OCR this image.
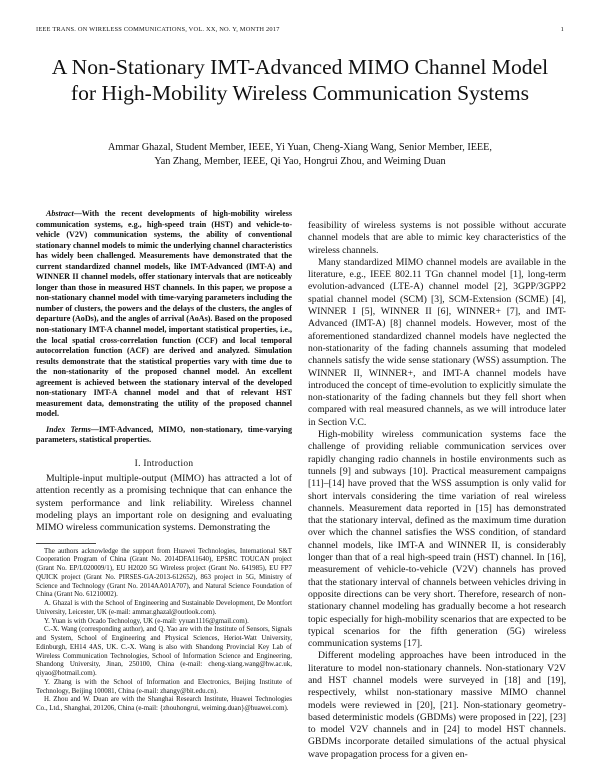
IEEE TRANS. ON WIRELESS COMMUNICATIONS, VOL. XX, NO. Y, MONTH 2017	1
A Non-Stationary IMT-Advanced MIMO Channel Model for High-Mobility Wireless Communication Systems
Ammar Ghazal, Student Member, IEEE, Yi Yuan, Cheng-Xiang Wang, Senior Member, IEEE,
Yan Zhang, Member, IEEE, Qi Yao, Hongrui Zhou, and Weiming Duan

Abstract—With the recent developments of high-mobility wireless communication systems, e.g., high-speed train (HST) and vehicle-to-vehicle (V2V) communication systems, the ability of conventional stationary channel models to mimic the underlying channel characteristics has widely been challenged. Measurements have demonstrated that the current standardized channel models, like IMT-Advanced (IMT-A) and WINNER II channel models, offer stationary intervals that are noticeably longer than those in measured HST channels. In this paper, we propose a non-stationary channel model with time-varying parameters including the number of clusters, the powers and the delays of the clusters, the angles of departure (AoDs), and the angles of arrival (AoAs). Based on the proposed non-stationary IMT-A channel model, important statistical properties, i.e., the local spatial cross-correlation function (CCF) and local temporal autocorrelation function (ACF) are derived and analyzed. Simulation results demonstrate that the statistical properties vary with time due to the non-stationarity of the proposed channel model. An excellent agreement is achieved between the stationary interval of the developed non-stationary IMT-A channel model and that of relevant HST measurement data, demonstrating the utility of the proposed channel model.

Index Terms—IMT-Advanced, MIMO, non-stationary, time-varying parameters, statistical properties.

I. Introduction

Multiple-input multiple-output (MIMO) has attracted a lot of attention recently as a promising technique that can enhance the system performance and link reliability. Wireless channel modeling plays an important role on designing and evaluating MIMO wireless communication systems. Demonstrating the

The authors acknowledge the support from Huawei Technologies, International S&T Cooperation Program of China (Grant No. 2014DFA11640), EPSRC TOUCAN project (Grant No. EP/L020009/1), EU H2020 5G Wireless project (Grant No. 641985), EU FP7 QUICK project (Grant No. PIRSES-GA-2013-612652), 863 project in 5G, Ministry of Science and Technology (Grant No. 2014AA01A707), and Natural Science Foundation of China (Grant No. 61210002).

A. Ghazal is with the School of Engineering and Sustainable Development, De Montfort University, Leicester, UK (e-mail: ammar.ghazal@outlook.com).

Y. Yuan is with Ocado Technology, UK (e-mail: yyuan1116@gmail.com).

C.-X. Wang (corresponding author), and Q. Yao are with the Institute of Sensors, Signals and System, School of Engineering and Physical Sciences, Heriot-Watt University, Edinburgh, EH14 4AS, UK. C.-X. Wang is also with Shandong Provincial Key Lab of Wireless Communication Technologies, School of Information Science and Engineering, Shandong University, Jinan, 250100, China (e-mail: cheng-xiang.wang@hw.ac.uk, qiyao@hotmail.com).

Y. Zhang is with the School of Information and Electronics, Beijing Institute of Technology, Beijing 100081, China (e-mail: zhangy@bit.edu.cn).

H. Zhou and W. Duan are with the Shanghai Research Institute, Huawei Technologies Co., Ltd., Shanghai, 201206, China (e-mail: {zhouhongrui, weiming.duan}@huawei.com).

feasibility of wireless systems is not possible without accurate channel models that are able to mimic key characteristics of the wireless channels.

Many standardized MIMO channel models are available in the literature, e.g., IEEE 802.11 TGn channel model [1], long-term evolution-advanced (LTE-A) channel model [2], 3GPP/3GPP2 spatial channel model (SCM) [3], SCM-Extension (SCME) [4], WINNER I [5], WINNER II [6], WINNER+ [7], and IMT-Advanced (IMT-A) [8] channel models. However, most of the aforementioned standardized channel models have neglected the non-stationarity of the fading channels assuming that modeled channels satisfy the wide sense stationary (WSS) assumption. The WINNER II, WINNER+, and IMT-A channel models have introduced the concept of time-evolution to explicitly simulate the non-stationarity of the fading channels but they fell short when compared with real measured channels, as we will introduce later in Section V.C.

High-mobility wireless communication systems face the challenge of providing reliable communication services over rapidly changing radio channels in hostile environments such as tunnels [9] and subways [10]. Practical measurement campaigns [11]–[14] have proved that the WSS assumption is only valid for short intervals considering the time variation of real wireless channels. Measurement data reported in [15] has demonstrated that the stationary interval, defined as the maximum time duration over which the channel satisfies the WSS condition, of standard channel models, like IMT-A and WINNER II, is considerably longer than that of a real high-speed train (HST) channel. In [16], measurement of vehicle-to-vehicle (V2V) channels has proved that the stationary interval of channels between vehicles driving in opposite directions can be very short. Therefore, research of non-stationary channel modeling has gradually become a hot research topic especially for high-mobility scenarios that are expected to be typical scenarios for the fifth generation (5G) wireless communication systems [17].

Different modeling approaches have been introduced in the literature to model non-stationary channels. Non-stationary V2V and HST channel models were surveyed in [18] and [19], respectively, whilst non-stationary massive MIMO channel models were reviewed in [20], [21]. Non-stationary geometry-based deterministic models (GBDMs) were proposed in [22], [23] to model V2V channels and in [24] to model HST channels. GBDMs incorporate detailed simulations of the actual physical wave propagation process for a given en-
